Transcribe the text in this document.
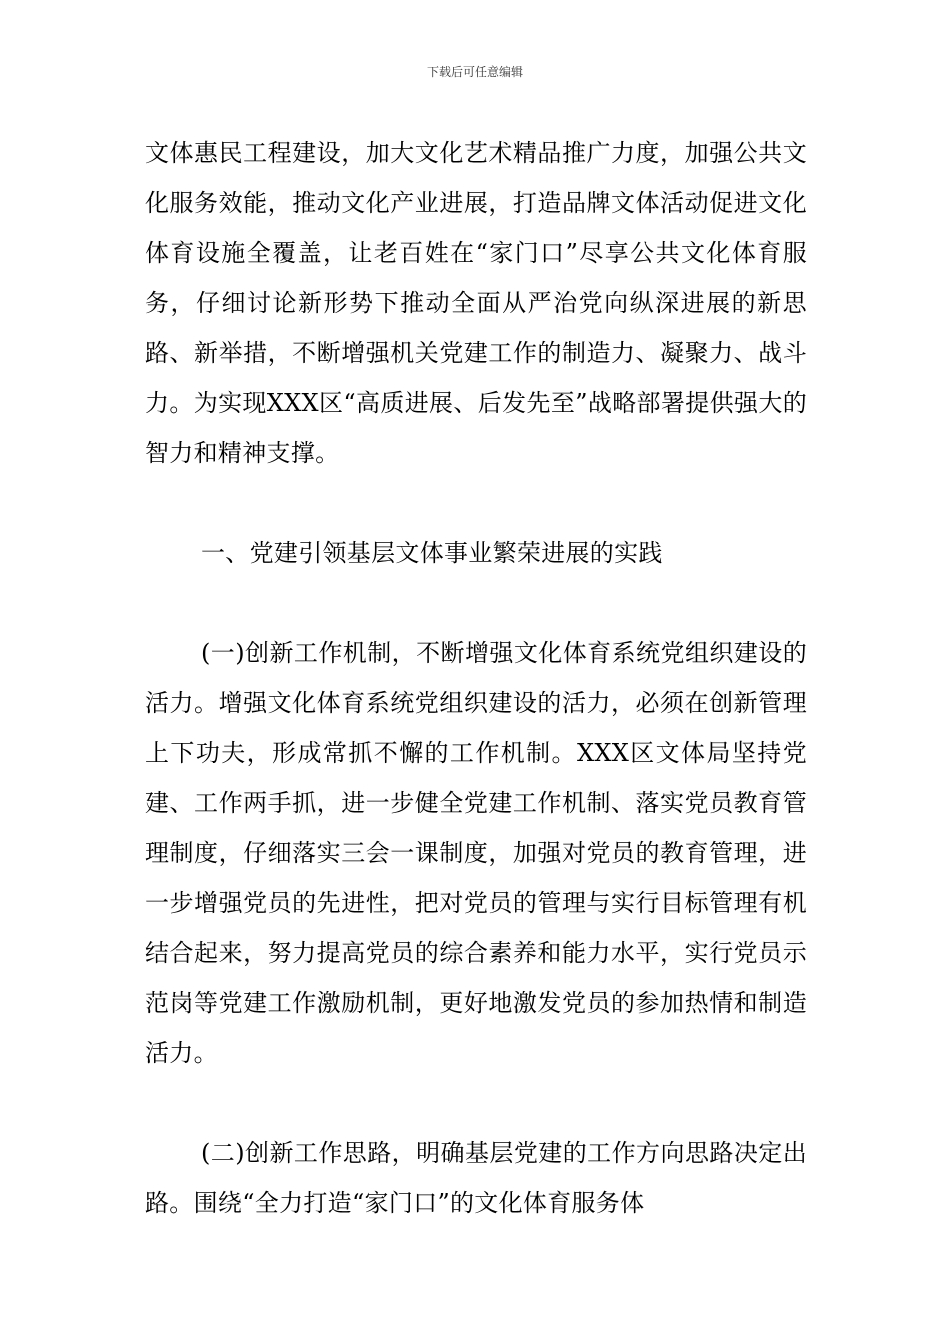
下载后可任意编辑

文体惠民工程建设，加大文化艺术精品推广力度，加强公共文化服务效能，推动文化产业进展，打造品牌文体活动促进文化体育设施全覆盖，让老百姓在“家门口”尽享公共文化体育服务，仔细讨论新形势下推动全面从严治党向纵深进展的新思路、新举措，不断增强机关党建工作的制造力、凝聚力、战斗力。为实现XXX区“高质进展、后发先至”战略部署提供强大的智力和精神支撑。

一、党建引领基层文体事业繁荣进展的实践

(一)创新工作机制，不断增强文化体育系统党组织建设的活力。增强文化体育系统党组织建设的活力，必须在创新管理上下功夫，形成常抓不懈的工作机制。XXX区文体局坚持党建、工作两手抓，进一步健全党建工作机制、落实党员教育管理制度，仔细落实三会一课制度，加强对党员的教育管理，进一步增强党员的先进性，把对党员的管理与实行目标管理有机结合起来，努力提高党员的综合素养和能力水平，实行党员示范岗等党建工作激励机制，更好地激发党员的参加热情和制造活力。

(二)创新工作思路，明确基层党建的工作方向思路决定出路。围绕“全力打造“家门口”的文化体育服务体
